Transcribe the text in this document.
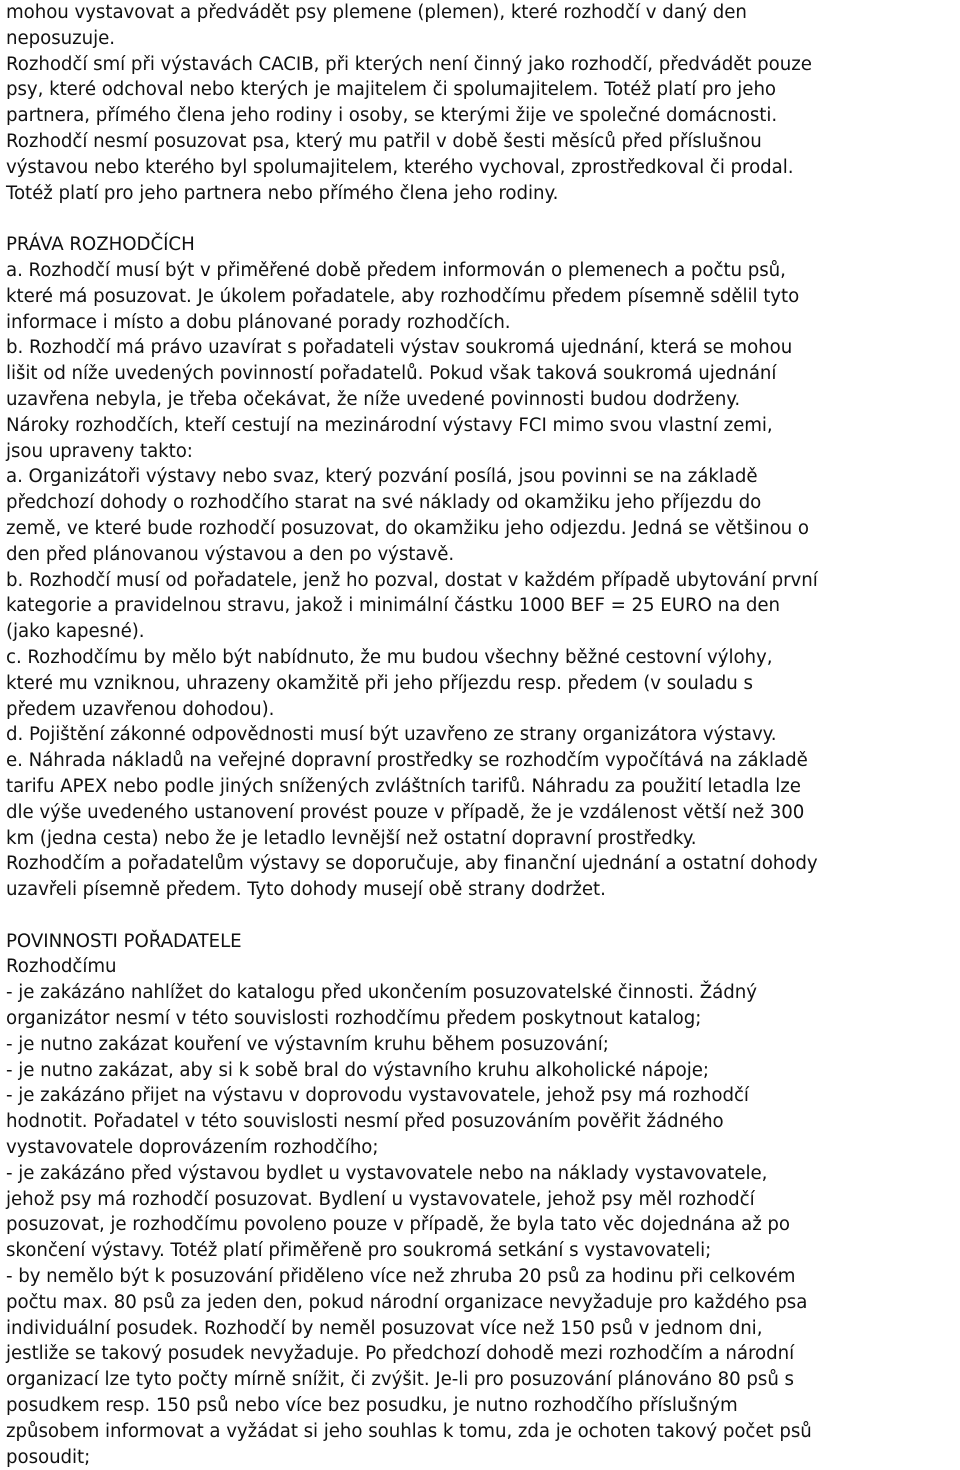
mohou vystavovat a předvádět psy plemene (plemen), které rozhodčí v daný den
neposuzuje.
Rozhodčí smí při výstavách CACIB, při kterých není činný jako rozhodčí, předvádět pouze
psy, které odchoval nebo kterých je majitelem či spolumajitelem. Totéž platí pro jeho
partnera, přímého člena jeho rodiny i osoby, se kterými žije ve společné domácnosti.
Rozhodčí nesmí posuzovat psa, který mu patřil v době šesti měsíců před příslušnou
výstavou nebo kterého byl spolumajitelem, kterého vychoval, zprostředkoval či prodal.
Totéž platí pro jeho partnera nebo přímého člena jeho rodiny.
PRÁVA ROZHODČÍCH
a. Rozhodčí musí být v přiměřené době předem informován o plemenech a počtu psů,
které má posuzovat. Je úkolem pořadatele, aby rozhodčímu předem písemně sdělil tyto
informace i místo a dobu plánované porady rozhodčích.
b. Rozhodčí má právo uzavírat s pořadateli výstav soukromá ujednání, která se mohou
lišit od níže uvedených povinností pořadatelů. Pokud však taková soukromá ujednání
uzavřena nebyla, je třeba očekávat, že níže uvedené povinnosti budou dodrženy.
Nároky rozhodčích, kteří cestují na mezinárodní výstavy FCI mimo svou vlastní zemi,
jsou upraveny takto:
a. Organizátoři výstavy nebo svaz, který pozvání posílá, jsou povinni se na základě
předchozí dohody o rozhodčího starat na své náklady od okamžiku jeho příjezdu do
země, ve které bude rozhodčí posuzovat, do okamžiku jeho odjezdu. Jedná se většinou o
den před plánovanou výstavou a den po výstavě.
b. Rozhodčí musí od pořadatele, jenž ho pozval, dostat v každém případě ubytování první
kategorie a pravidelnou stravu, jakož i minimální částku 1000 BEF = 25 EURO na den
(jako kapesné).
c. Rozhodčímu by mělo být nabídnuto, že mu budou všechny běžné cestovní výlohy,
které mu vzniknou, uhrazeny okamžitě při jeho příjezdu resp. předem (v souladu s
předem uzavřenou dohodou).
d. Pojištění zákonné odpovědnosti musí být uzavřeno ze strany organizátora výstavy.
e. Náhrada nákladů na veřejné dopravní prostředky se rozhodčím vypočítává na základě
tarifu APEX nebo podle jiných snížených zvláštních tarifů. Náhradu za použití letadla lze
dle výše uvedeného ustanovení provést pouze v případě, že je vzdálenost větší než 300
km (jedna cesta) nebo že je letadlo levnější než ostatní dopravní prostředky.
Rozhodčím a pořadatelům výstavy se doporučuje, aby finanční ujednání a ostatní dohody
uzavřeli písemně předem. Tyto dohody musejí obě strany dodržet.
POVINNOSTI POŘADATELE
Rozhodčímu
- je zakázáno nahlížet do katalogu před ukončením posuzovatelské činnosti. Žádný
organizátor nesmí v této souvislosti rozhodčímu předem poskytnout katalog;
- je nutno zakázat kouření ve výstavním kruhu během posuzování;
- je nutno zakázat, aby si k sobě bral do výstavního kruhu alkoholické nápoje;
- je zakázáno přijet na výstavu v doprovodu vystavovatele, jehož psy má rozhodčí
hodnotit. Pořadatel v této souvislosti nesmí před posuzováním pověřit žádného
vystavovatele doprovázením rozhodčího;
- je zakázáno před výstavou bydlet u vystavovatele nebo na náklady vystavovatele,
jehož psy má rozhodčí posuzovat. Bydlení u vystavovatele, jehož psy měl rozhodčí
posuzovat, je rozhodčímu povoleno pouze v případě, že byla tato věc dojednána až po
skončení výstavy. Totéž platí přiměřeně pro soukromá setkání s vystavovateli;
- by nemělo být k posuzování přiděleno více než zhruba 20 psů za hodinu při celkovém
počtu max. 80 psů za jeden den, pokud národní organizace nevyžaduje pro každého psa
individuální posudek. Rozhodčí by neměl posuzovat více než 150 psů v jednom dni,
jestliže se takový posudek nevyžaduje. Po předchozí dohodě mezi rozhodčím a národní
organizací lze tyto počty mírně snížit, či zvýšit. Je-li pro posuzování plánováno 80 psů s
posudkem resp. 150 psů nebo více bez posudku, je nutno rozhodčího příslušným
způsobem informovat a vyžádat si jeho souhlas k tomu, zda je ochoten takový počet psů
posoudit;
